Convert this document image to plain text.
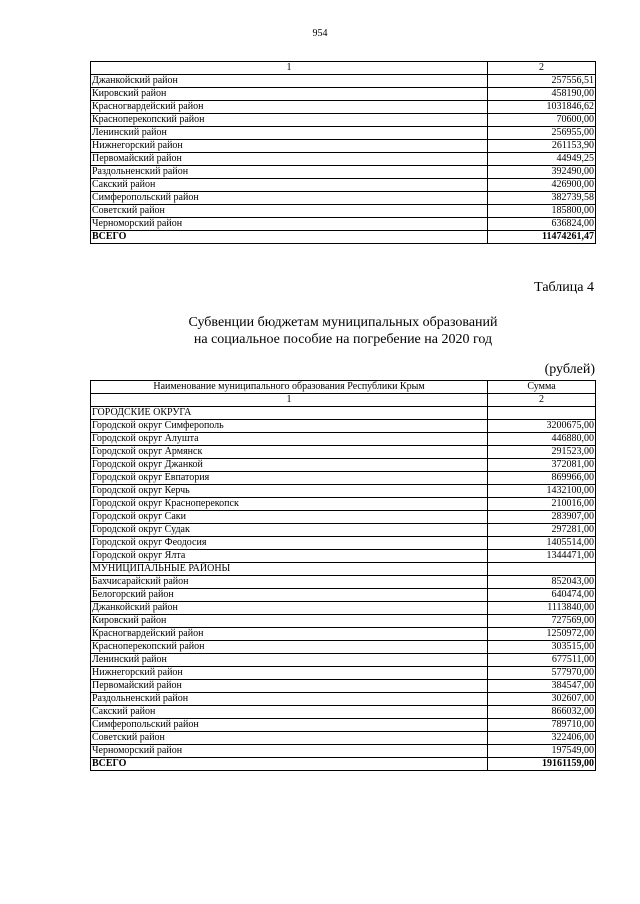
954
1	2
Джанкойский район	257556,51
Кировский район	458190,00
Красногвардейский район	1031846,62
Красноперекопский район	70600,00
Ленинский район	256955,00
Нижнегорский район	261153,90
Первомайский район	44949,25
Раздольненский район	392490,00
Сакский район	426900,00
Симферопольский район	382739,58
Советский район	185800,00
Черноморский район	636824,00
ВСЕГО	11474261,47
Таблица 4
Субвенции бюджетам муниципальных образований
на социальное пособие на погребение на 2020 год
(рублей)
Наименование муниципального образования Республики Крым	Сумма
1	2
ГОРОДСКИЕ ОКРУГА	
Городской округ Симферополь	3200675,00
Городской округ Алушта	446880,00
Городской округ Армянск	291523,00
Городской округ Джанкой	372081,00
Городской округ Евпатория	869966,00
Городской округ Керчь	1432100,00
Городской округ Красноперекопск	210016,00
Городской округ Саки	283907,00
Городской округ Судак	297281,00
Городской округ Феодосия	1405514,00
Городской округ Ялта	1344471,00
МУНИЦИПАЛЬНЫЕ РАЙОНЫ	
Бахчисарайский район	852043,00
Белогорский район	640474,00
Джанкойский район	1113840,00
Кировский район	727569,00
Красногвардейский район	1250972,00
Красноперекопский район	303515,00
Ленинский район	677511,00
Нижнегорский район	577970,00
Первомайский район	384547,00
Раздольненский район	302607,00
Сакский район	866032,00
Симферопольский район	789710,00
Советский район	322406,00
Черноморский район	197549,00
ВСЕГО	19161159,00
